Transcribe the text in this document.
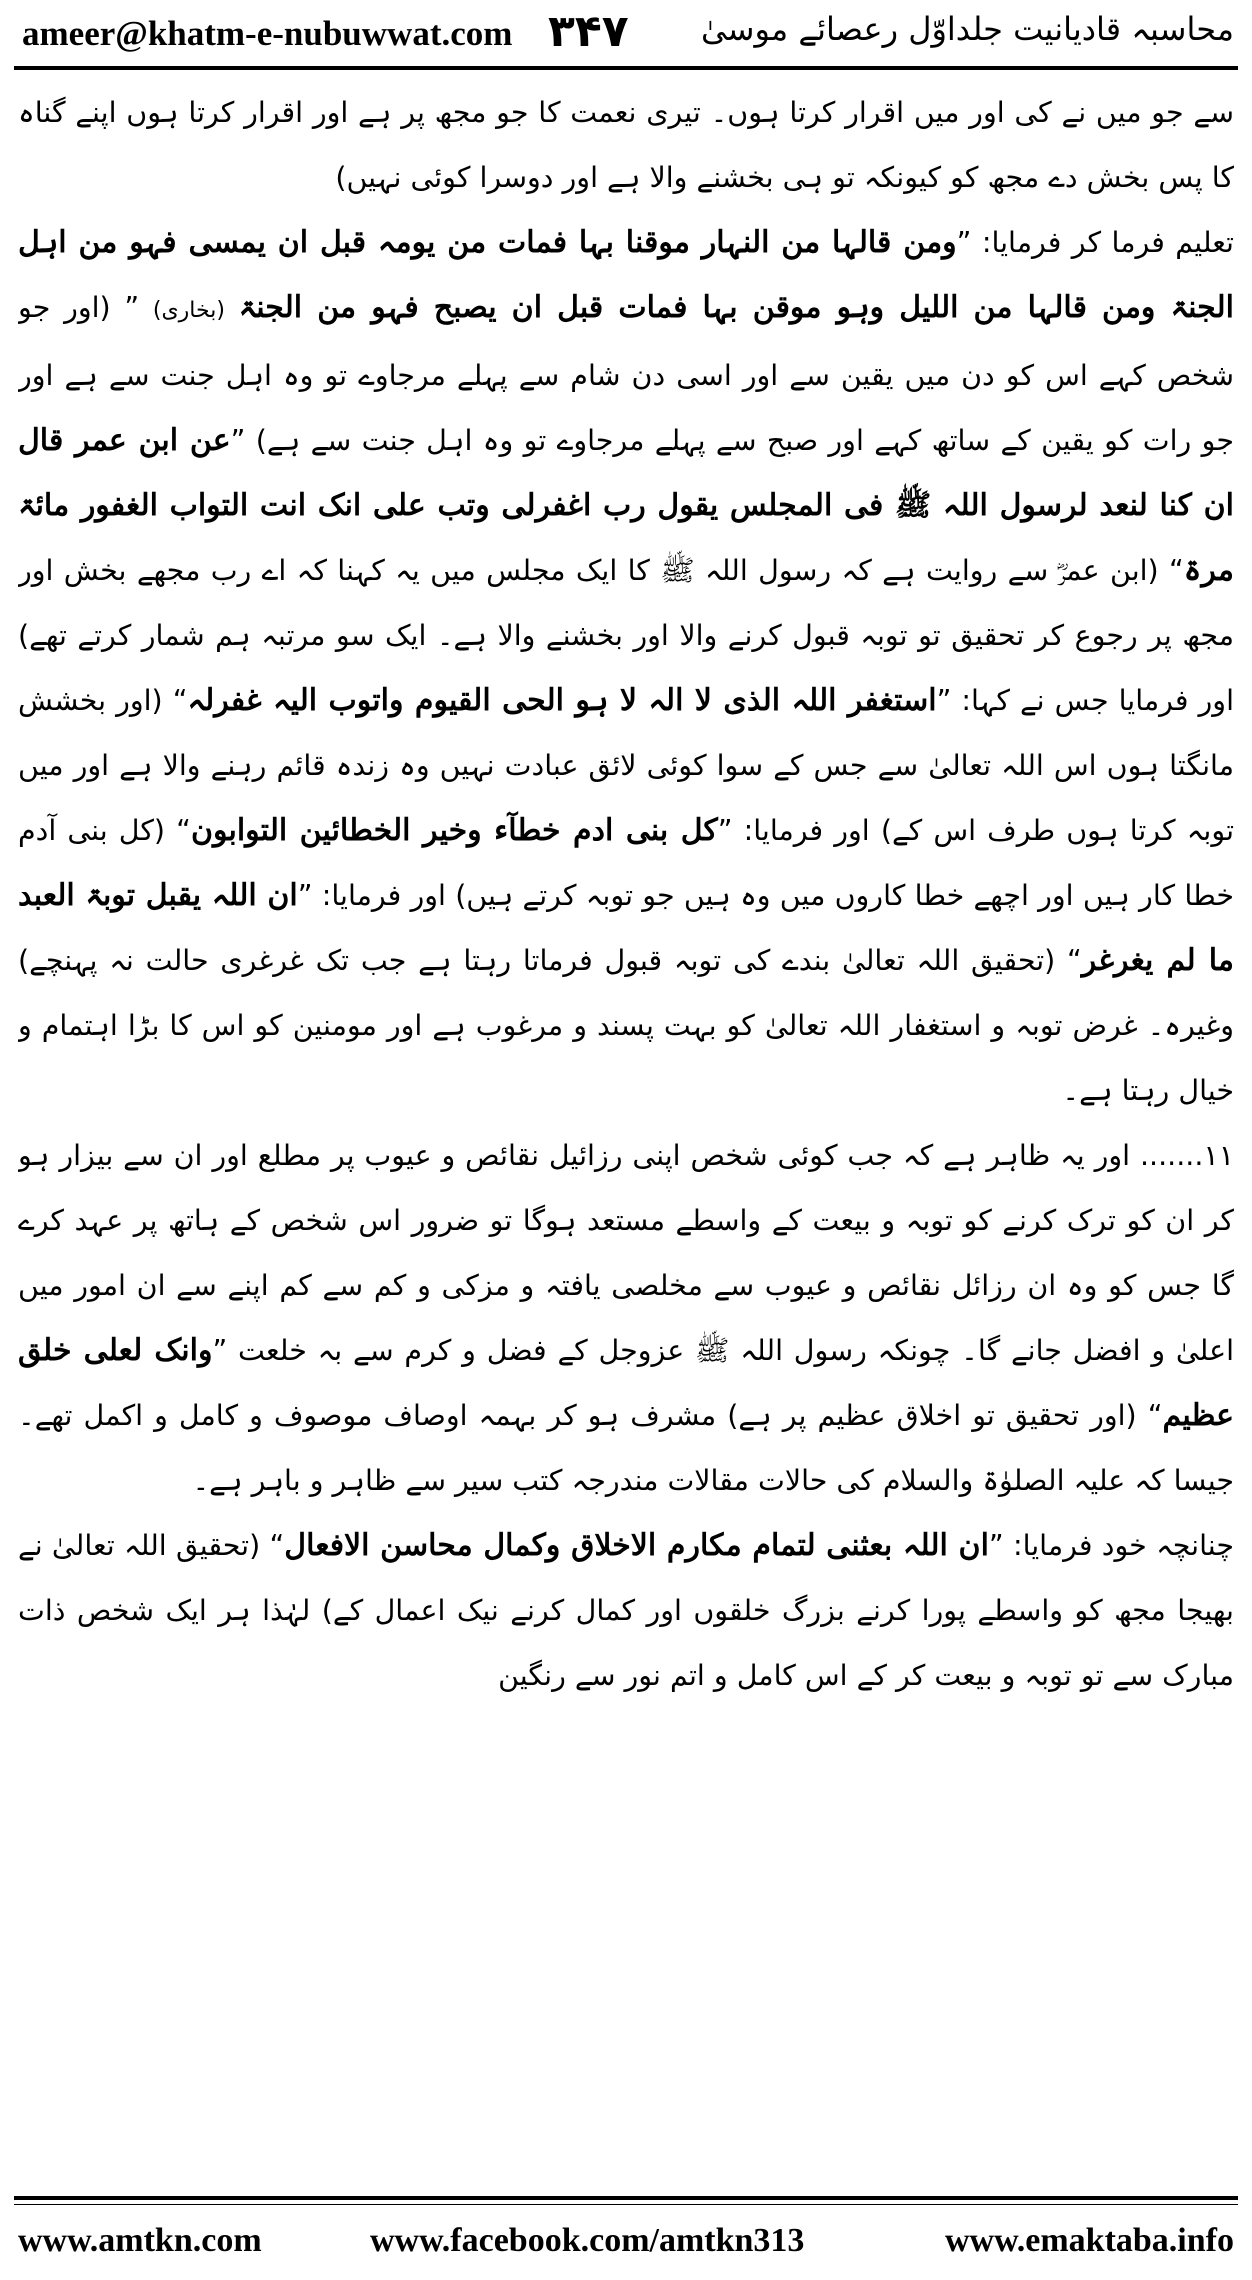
ameer@khatm-e-nubuwwat.com ۳۴۷ محاسبہ قادیانیت جلداوّل رعصائے موسیٰ

سے جو میں نے کی اور میں اقرار کرتا ہوں۔ تیری نعمت کا جو مجھ پر ہے اور اقرار کرتا ہوں اپنے گناہ کا پس بخش دے مجھ کو کیونکہ تو ہی بخشنے والا ہے اور دوسرا کوئی نہیں)

تعلیم فرما کر فرمایا: ”ومن قالہا من النہار موقنا بہا فمات من یومہ قبل ان یمسی فہو من اہل الجنۃ ومن قالہا من اللیل وہو موقن بہا فمات قبل ان یصبح فہو من الجنۃ (بخاری) ” (اور جو شخص کہے اس کو دن میں یقین سے اور اسی دن شام سے پہلے مرجاوے تو وہ اہل جنت سے ہے اور جو رات کو یقین کے ساتھ کہے اور صبح سے پہلے مرجاوے تو وہ اہل جنت سے ہے) ”عن ابن عمر قال ان کنا لنعد لرسول اللہ ﷺ فی المجلس یقول رب اغفرلی وتب علی انک انت التواب الغفور مائۃ مرۃ“ (ابن عمرؓ سے روایت ہے کہ رسول اللہ ﷺ کا ایک مجلس میں یہ کہنا کہ اے رب مجھے بخش اور مجھ پر رجوع کر تحقیق تو توبہ قبول کرنے والا اور بخشنے والا ہے۔ ایک سو مرتبہ ہم شمار کرتے تھے) اور فرمایا جس نے کہا: ”استغفر اللہ الذی لا الہ لا ہو الحی القیوم واتوب الیہ غفرلہ“ (اور بخشش مانگتا ہوں اس اللہ تعالیٰ سے جس کے سوا کوئی لائق عبادت نہیں وہ زندہ قائم رہنے والا ہے اور میں توبہ کرتا ہوں طرف اس کے) اور فرمایا: ”کل بنی ادم خطآء وخیر الخطائین التوابون“ (کل بنی آدم خطا کار ہیں اور اچھے خطا کاروں میں وہ ہیں جو توبہ کرتے ہیں) اور فرمایا: ”ان اللہ یقبل توبۃ العبد ما لم یغرغر“ (تحقیق اللہ تعالیٰ بندے کی توبہ قبول فرماتا رہتا ہے جب تک غرغری حالت نہ پہنچے) وغیرہ۔ غرض توبہ و استغفار اللہ تعالیٰ کو بہت پسند و مرغوب ہے اور مومنین کو اس کا بڑا اہتمام و خیال رہتا ہے۔

۱۱....... اور یہ ظاہر ہے کہ جب کوئی شخص اپنی رزائیل نقائص و عیوب پر مطلع اور ان سے بیزار ہو کر ان کو ترک کرنے کو توبہ و بیعت کے واسطے مستعد ہوگا تو ضرور اس شخص کے ہاتھ پر عہد کرے گا جس کو وہ ان رزائل نقائص و عیوب سے مخلصی یافتہ و مزکی و کم سے کم اپنے سے ان امور میں اعلیٰ و افضل جانے گا۔ چونکہ رسول اللہ ﷺ عزوجل کے فضل و کرم سے بہ خلعت ”وانک لعلی خلق عظیم“ (اور تحقیق تو اخلاق عظیم پر ہے) مشرف ہو کر بہمہ اوصاف موصوف و کامل و اکمل تھے۔ جیسا کہ علیہ الصلوٰۃ والسلام کی حالات مقالات مندرجہ کتب سیر سے ظاہر و باہر ہے۔

چنانچہ خود فرمایا: ”ان اللہ بعثنی لتمام مکارم الاخلاق وکمال محاسن الافعال“ (تحقیق اللہ تعالیٰ نے بھیجا مجھ کو واسطے پورا کرنے بزرگ خلقوں اور کمال کرنے نیک اعمال کے) لہٰذا ہر ایک شخص ذات مبارک سے تو توبہ و بیعت کر کے اس کامل و اتم نور سے رنگین

www.amtkn.com	www.facebook.com/amtkn313	www.emaktaba.info
